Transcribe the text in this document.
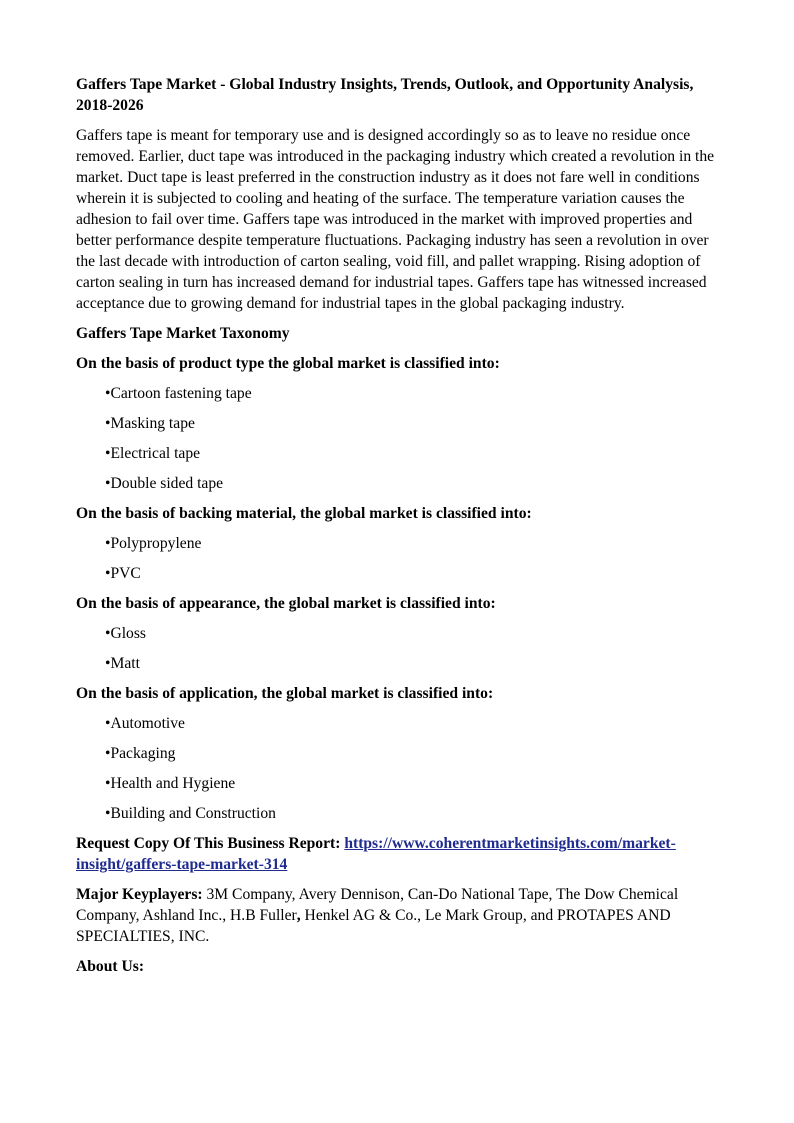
Gaffers Tape Market - Global Industry Insights, Trends, Outlook, and Opportunity Analysis, 2018-2026

Gaffers tape is meant for temporary use and is designed accordingly so as to leave no residue once removed. Earlier, duct tape was introduced in the packaging industry which created a revolution in the market. Duct tape is least preferred in the construction industry as it does not fare well in conditions wherein it is subjected to cooling and heating of the surface. The temperature variation causes the adhesion to fail over time. Gaffers tape was introduced in the market with improved properties and better performance despite temperature fluctuations. Packaging industry has seen a revolution in over the last decade with introduction of carton sealing, void fill, and pallet wrapping. Rising adoption of carton sealing in turn has increased demand for industrial tapes. Gaffers tape has witnessed increased acceptance due to growing demand for industrial tapes in the global packaging industry.

Gaffers Tape Market Taxonomy
On the basis of product type the global market is classified into:
•Cartoon fastening tape
•Masking tape
•Electrical tape
•Double sided tape
On the basis of backing material, the global market is classified into:
•Polypropylene
•PVC
On the basis of appearance, the global market is classified into:
•Gloss
•Matt
On the basis of application, the global market is classified into:
•Automotive
•Packaging
•Health and Hygiene
•Building and Construction

Request Copy Of This Business Report: https://www.coherentmarketinsights.com/market-insight/gaffers-tape-market-314

Major Keyplayers: 3M Company, Avery Dennison, Can-Do National Tape, The Dow Chemical Company, Ashland Inc., H.B Fuller, Henkel AG & Co., Le Mark Group, and PROTAPES AND SPECIALTIES, INC.

About Us:
